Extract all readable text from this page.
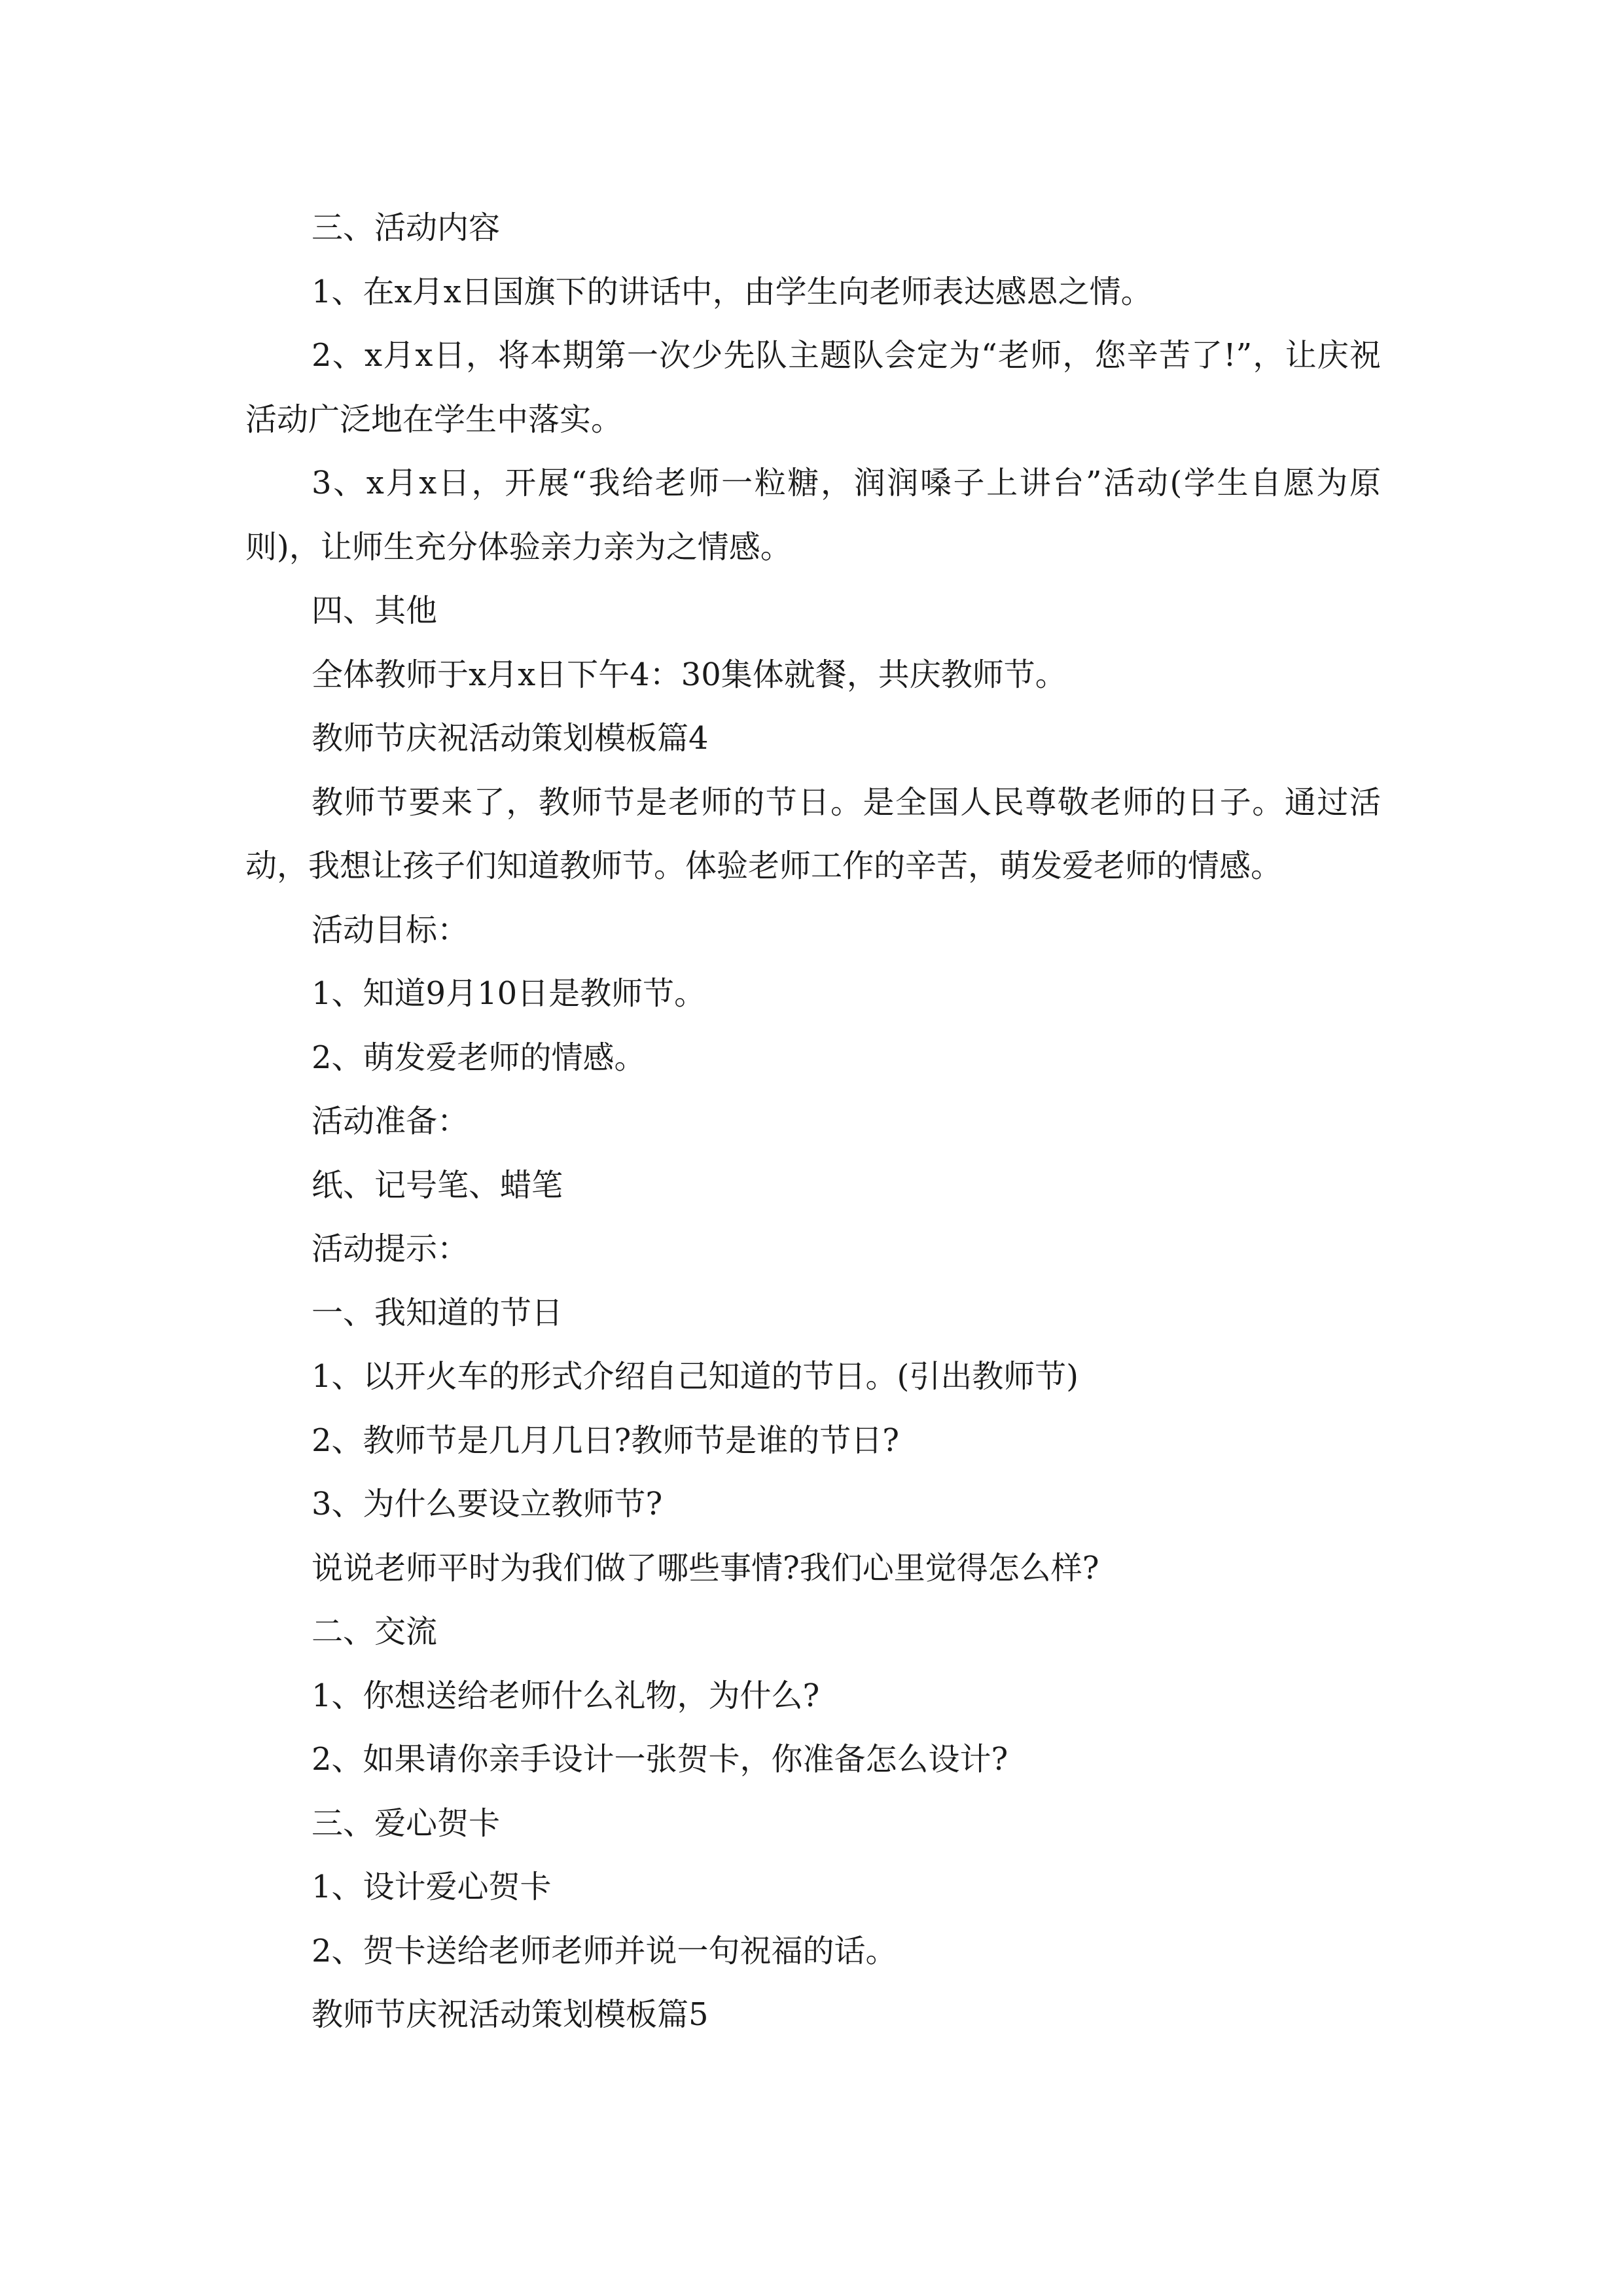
三、活动内容

1、在x月x日国旗下的讲话中，由学生向老师表达感恩之情。

2、x月x日，将本期第一次少先队主题队会定为“老师，您辛苦了!”，让庆祝活动广泛地在学生中落实。

3、x月x日，开展“我给老师一粒糖，润润嗓子上讲台”活动(学生自愿为原则)，让师生充分体验亲力亲为之情感。

四、其他

全体教师于x月x日下午4：30集体就餐，共庆教师节。

教师节庆祝活动策划模板篇4

教师节要来了，教师节是老师的节日。是全国人民尊敬老师的日子。通过活动，我想让孩子们知道教师节。体验老师工作的辛苦，萌发爱老师的情感。

活动目标：

1、知道9月10日是教师节。

2、萌发爱老师的情感。

活动准备：

纸、记号笔、蜡笔

活动提示：

一、我知道的节日

1、以开火车的形式介绍自己知道的节日。(引出教师节)

2、教师节是几月几日?教师节是谁的节日?

3、为什么要设立教师节?

说说老师平时为我们做了哪些事情?我们心里觉得怎么样?

二、交流

1、你想送给老师什么礼物，为什么?

2、如果请你亲手设计一张贺卡，你准备怎么设计?

三、爱心贺卡

1、设计爱心贺卡

2、贺卡送给老师老师并说一句祝福的话。

教师节庆祝活动策划模板篇5
